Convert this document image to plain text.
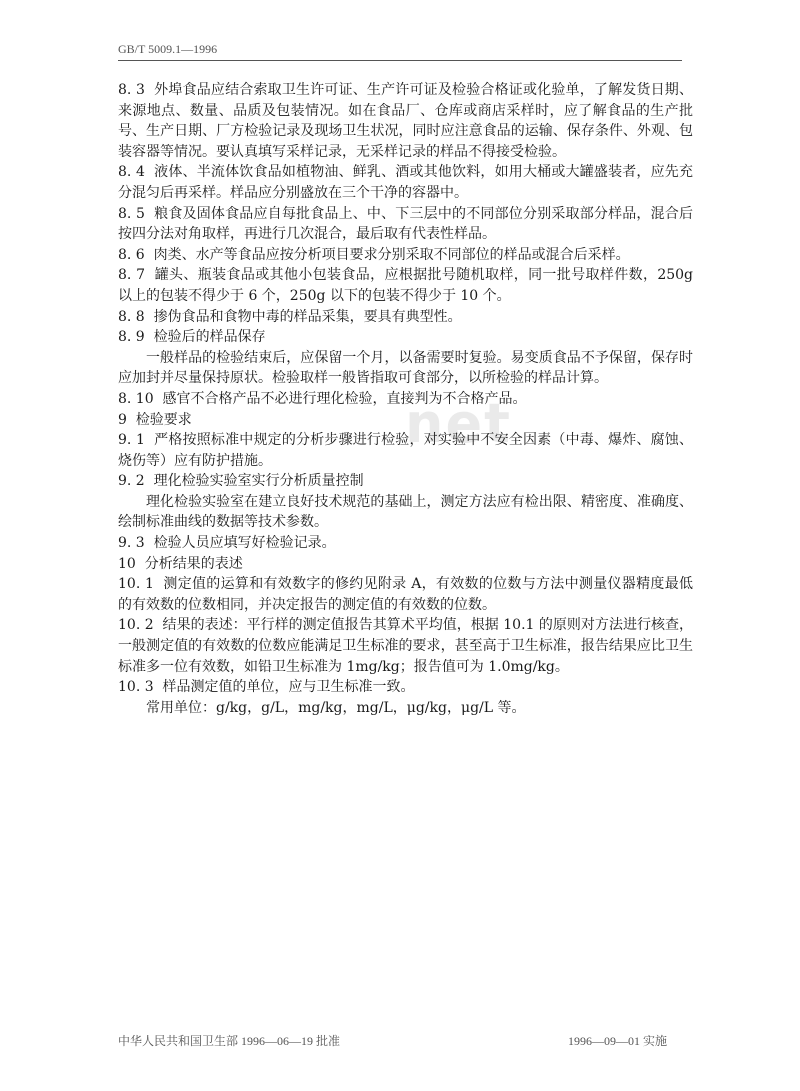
GB/T 5009.1—1996
net

8. 3  外埠食品应结合索取卫生许可证、生产许可证及检验合格证或化验单，了解发货日期、来源地点、数量、品质及包装情况。如在食品厂、仓库或商店采样时，应了解食品的生产批号、生产日期、厂方检验记录及现场卫生状况，同时应注意食品的运输、保存条件、外观、包装容器等情况。要认真填写采样记录，无采样记录的样品不得接受检验。

8. 4  液体、半流体饮食品如植物油、鲜乳、酒或其他饮料，如用大桶或大罐盛装者，应先充分混匀后再采样。样品应分别盛放在三个干净的容器中。

8. 5  粮食及固体食品应自每批食品上、中、下三层中的不同部位分别采取部分样品，混合后按四分法对角取样，再进行几次混合，最后取有代表性样品。

8. 6  肉类、水产等食品应按分析项目要求分别采取不同部位的样品或混合后采样。

8. 7  罐头、瓶装食品或其他小包装食品，应根据批号随机取样，同一批号取样件数，250g 以上的包装不得少于 6 个，250g 以下的包装不得少于 10 个。

8. 8  掺伪食品和食物中毒的样品采集，要具有典型性。

8. 9  检验后的样品保存

一般样品的检验结束后，应保留一个月，以备需要时复验。易变质食品不予保留，保存时应加封并尽量保持原状。检验取样一般皆指取可食部分，以所检验的样品计算。

8. 10  感官不合格产品不必进行理化检验，直接判为不合格产品。

9  检验要求

9. 1  严格按照标准中规定的分析步骤进行检验，对实验中不安全因素（中毒、爆炸、腐蚀、烧伤等）应有防护措施。

9. 2  理化检验实验室实行分析质量控制

理化检验实验室在建立良好技术规范的基础上，测定方法应有检出限、精密度、准确度、绘制标准曲线的数据等技术参数。

9. 3  检验人员应填写好检验记录。

10  分析结果的表述

10. 1  测定值的运算和有效数字的修约见附录 A，有效数的位数与方法中测量仪器精度最低的有效数的位数相同，并决定报告的测定值的有效数的位数。

10. 2  结果的表述：平行样的测定值报告其算术平均值，根据 10.1 的原则对方法进行核查，一般测定值的有效数的位数应能满足卫生标准的要求，甚至高于卫生标准，报告结果应比卫生标准多一位有效数，如铅卫生标准为 1mg/kg；报告值可为 1.0mg/kg。

10. 3  样品测定值的单位，应与卫生标准一致。

常用单位：g/kg，g/L，mg/kg，mg/L，μg/kg，μg/L 等。

中华人民共和国卫生部 1996—06—19 批准	1996—09—01 实施
